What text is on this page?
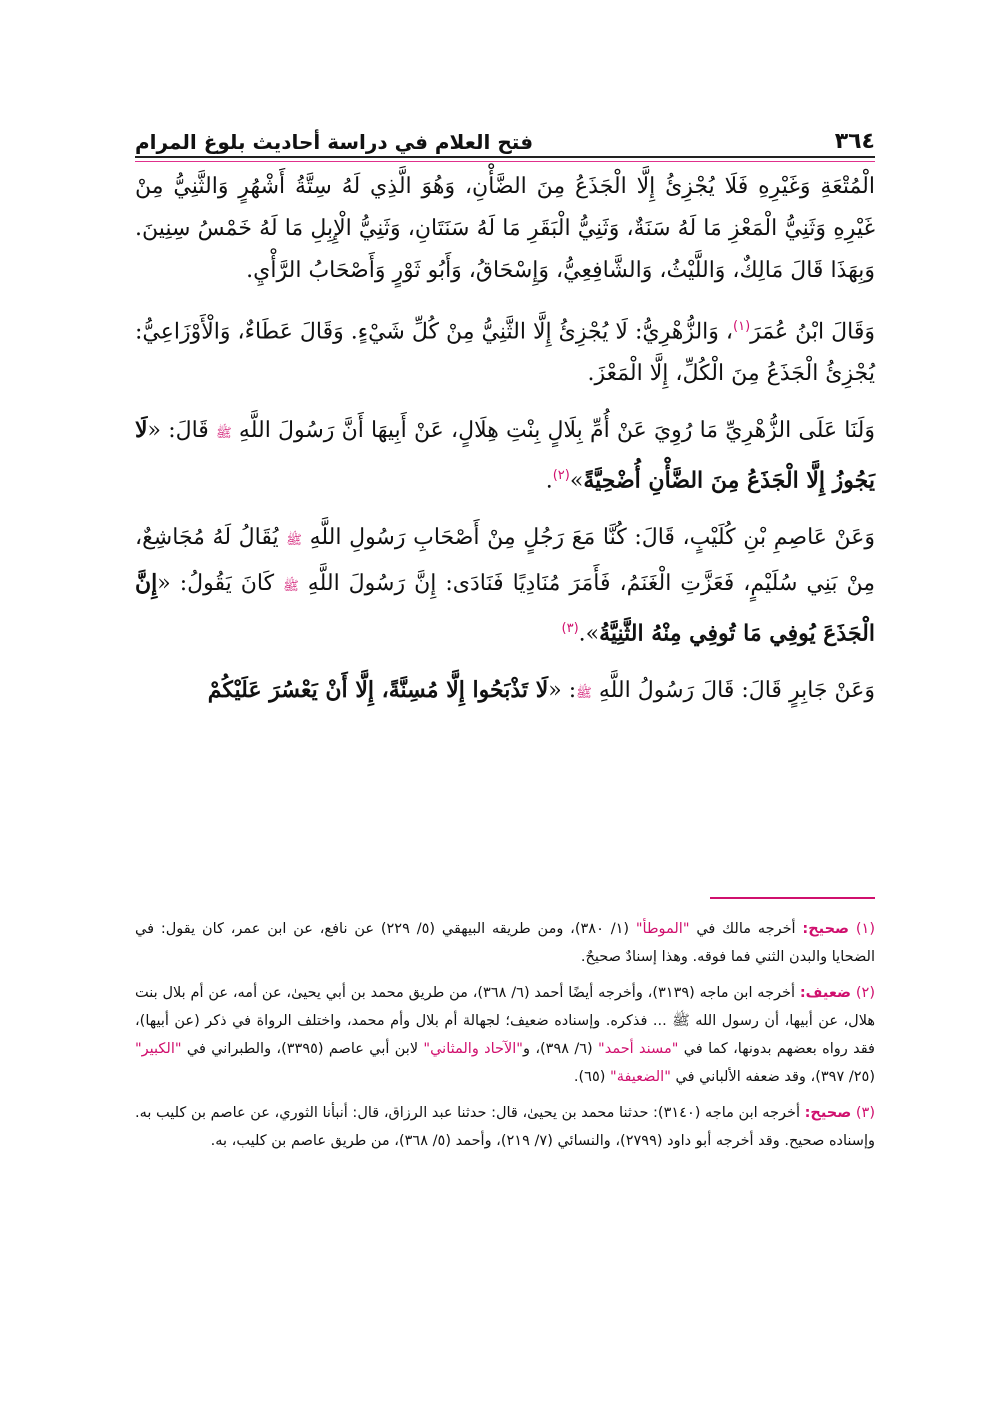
٣٦٤
فتح العلام في دراسة أحاديث بلوغ المرام

الْمُتْعَةِ وَغَيْرِهِ فَلَا يُجْزِئُ إِلَّا الْجَذَعُ مِنَ الضَّأْنِ، وَهُوَ الَّذِي لَهُ سِتَّةُ أَشْهُرٍ وَالثَّنِيُّ مِنْ غَيْرِهِ وَثَنِيُّ الْمَعْزِ مَا لَهُ سَنَةٌ، وَثَنِيُّ الْبَقَرِ مَا لَهُ سَنَتَانِ، وَثَنِيُّ الْإِبِلِ مَا لَهُ خَمْسُ سِنِينَ. وَبِهَذَا قَالَ مَالِكٌ، وَاللَّيْثُ، وَالشَّافِعِيُّ، وَإِسْحَاقُ، وَأَبُو ثَوْرٍ وَأَصْحَابُ الرَّأْيِ.

وَقَالَ ابْنُ عُمَرَ$^{(١)}$، وَالزُّهْرِيُّ: لَا يُجْزِئُ إِلَّا الثَّنِيُّ مِنْ كُلِّ شَيْءٍ. وَقَالَ عَطَاءٌ، وَالْأَوْزَاعِيُّ: يُجْزِئُ الْجَذَعُ مِنَ الْكُلِّ، إِلَّا الْمَعْزَ.

وَلَنَا عَلَى الزُّهْرِيِّ مَا رُوِيَ عَنْ أُمِّ بِلَالٍ بِنْتِ هِلَالٍ، عَنْ أَبِيهَا أَنَّ رَسُولَ اللَّهِ ﷺ قَالَ: «لَا يَجُوزُ إِلَّا الْجَذَعُ مِنَ الضَّأْنِ أُضْحِيَّةً»$^{(٢)}$.

وَعَنْ عَاصِمِ بْنِ كُلَيْبٍ، قَالَ: كُنَّا مَعَ رَجُلٍ مِنْ أَصْحَابِ رَسُولِ اللَّهِ ﷺ يُقَالُ لَهُ مُجَاشِعٌ، مِنْ بَنِي سُلَيْمٍ، فَعَزَّتِ الْغَنَمُ، فَأَمَرَ مُنَادِيًا فَنَادَى: إِنَّ رَسُولَ اللَّهِ ﷺ كَانَ يَقُولُ: «إِنَّ الْجَذَعَ يُوفِي مَا تُوفِي مِنْهُ الثَّنِيَّةُ».$^{(٣)}$

وَعَنْ جَابِرٍ قَالَ: قَالَ رَسُولُ اللَّهِ ﷺ: «لَا تَذْبَحُوا إِلَّا مُسِنَّةً، إِلَّا أَنْ يَعْسُرَ عَلَيْكُمْ

(١) صحيح: أخرجه مالك في "الموطأ" (١/ ٣٨٠)، ومن طريقه البيهقي (٥/ ٢٢٩) عن نافع، عن ابن عمر، كان يقول: في الضحايا والبدن الثني فما فوقه. وهذا إسنادٌ صحيحٌ.

(٢) ضعيف: أخرجه ابن ماجه (٣١٣٩)، وأخرجه أيضًا أحمد (٦/ ٣٦٨)، من طريق محمد بن أبي يحيىٰ، عن أمه، عن أم بلال بنت هلال، عن أبيها، أن رسول الله ﷺ ... فذكره. وإسناده ضعيف؛ لجهالة أم بلال وأم محمد، واختلف الرواة في ذكر (عن أبيها)، فقد رواه بعضهم بدونها، كما في "مسند أحمد" (٦/ ٣٩٨)، و"الآحاد والمثاني" لابن أبي عاصم (٣٣٩٥)، والطبراني في "الكبير" (٢٥/ ٣٩٧)، وقد ضعفه الألباني في "الضعيفة" (٦٥).

(٣) صحيح: أخرجه ابن ماجه (٣١٤٠): حدثنا محمد بن يحيىٰ، قال: حدثنا عبد الرزاق، قال: أنبأنا الثوري، عن عاصم بن كليب به. وإسناده صحيح. وقد أخرجه أبو داود (٢٧٩٩)، والنسائي (٧/ ٢١٩)، وأحمد (٥/ ٣٦٨)، من طريق عاصم بن كليب، به.
